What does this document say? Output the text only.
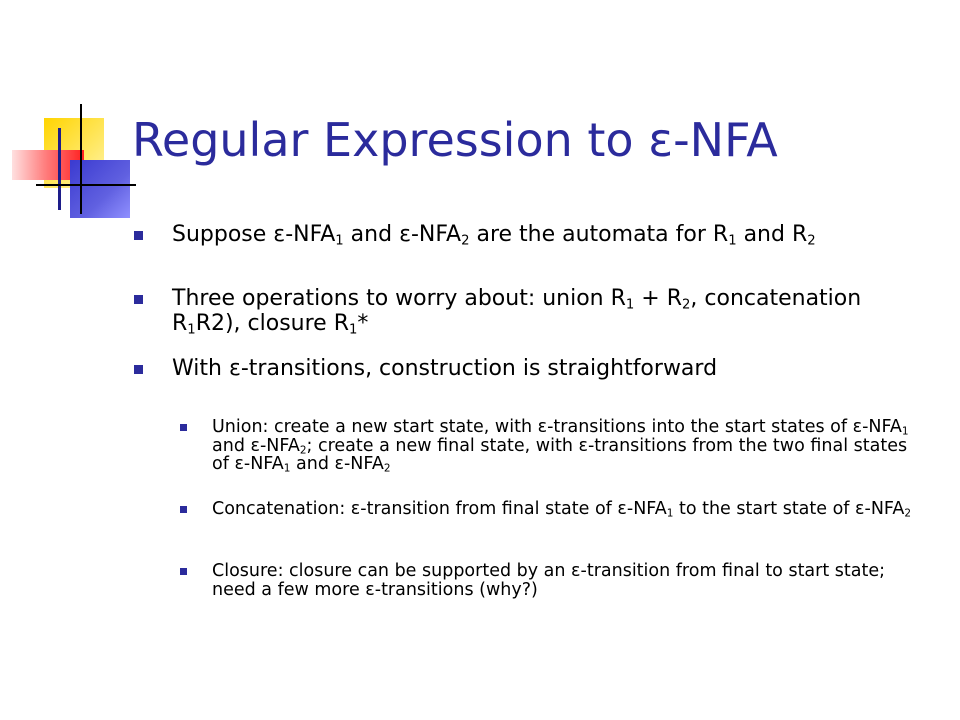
Regular Expression to ε-NFA
Suppose $\varepsilon-NFA_1$ and $\varepsilon-NFA_2$ are the automata for $R_1$ and $R_2$
Three operations to worry about: union $R_1 + R_2$, concatenation $R_1R2$), closure $R_1*$
With ε-transitions, construction is straightforward
Union: create a new start state, with ε-transitions into the start states of $\varepsilon-NFA_1$ and $\varepsilon-NFA_2$; create a new final state, with ε-transitions from the two final states of $\varepsilon-NFA_1$ and $\varepsilon-NFA_2$
Concatenation: ε-transition from final state of $\varepsilon-NFA_1$ to the start state of $\varepsilon-NFA_2$
Closure: closure can be supported by an ε-transition from final to start state; need a few more ε-transitions (why?)
